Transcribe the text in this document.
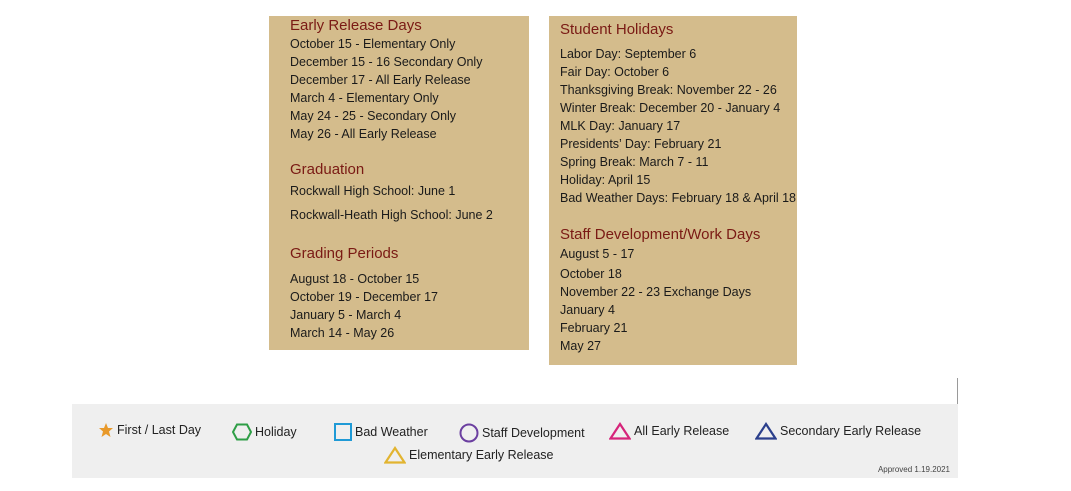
Early Release Days
October 15 - Elementary Only
December 15 - 16 Secondary Only
December 17 - All Early Release
March 4 - Elementary Only
May 24 - 25 - Secondary Only
May 26 - All Early Release
Graduation
Rockwall High School: June 1
Rockwall-Heath High School: June 2
Grading Periods
August 18 - October 15
October 19 - December 17
January 5 - March 4
March 14 - May 26
Student Holidays
Labor Day: September 6
Fair Day: October 6
Thanksgiving Break: November 22 - 26
Winter Break: December 20 - January 4
MLK Day: January 17
Presidents’ Day: February 21
Spring Break: March 7 - 11
Holiday: April 15
Bad Weather Days: February 18 & April 18
Staff Development/Work Days
August 5 - 17
October 18
November 22 - 23 Exchange Days
January 4
February 21
May 27
First / Last Day	Holiday	Bad Weather	Staff Development	All Early Release	Secondary Early Release
Elementary Early Release
Approved 1.19.2021
